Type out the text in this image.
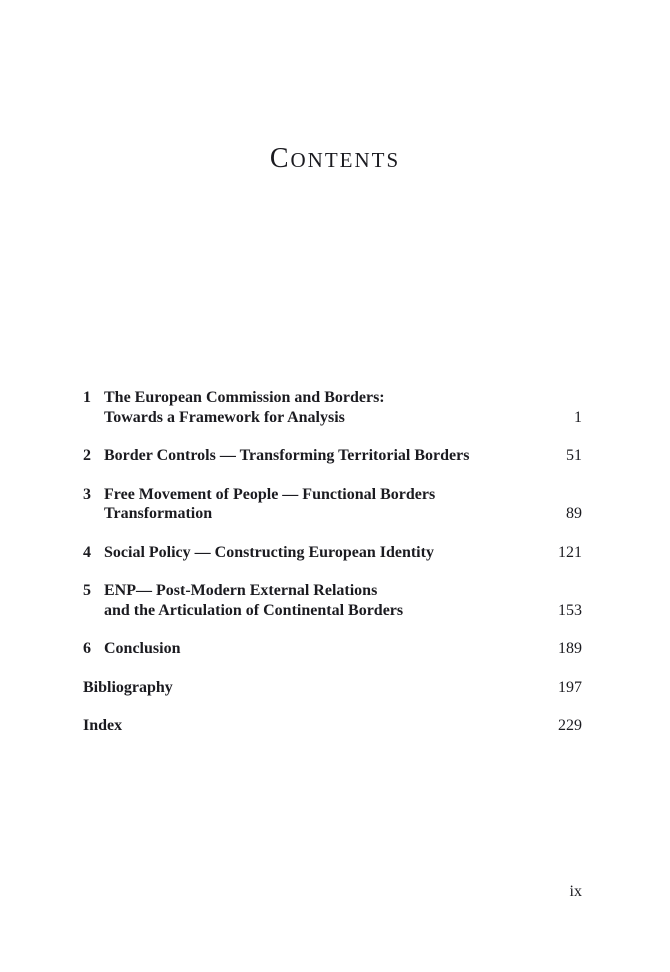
CONTENTS
1 The European Commission and Borders:
Towards a Framework for Analysis	1
2 Border Controls — Transforming Territorial Borders	51
3 Free Movement of People — Functional Borders
Transformation	89
4 Social Policy — Constructing European Identity	121
5 ENP— Post-Modern External Relations
and the Articulation of Continental Borders	153
6 Conclusion	189
Bibliography	197
Index	229
ix
